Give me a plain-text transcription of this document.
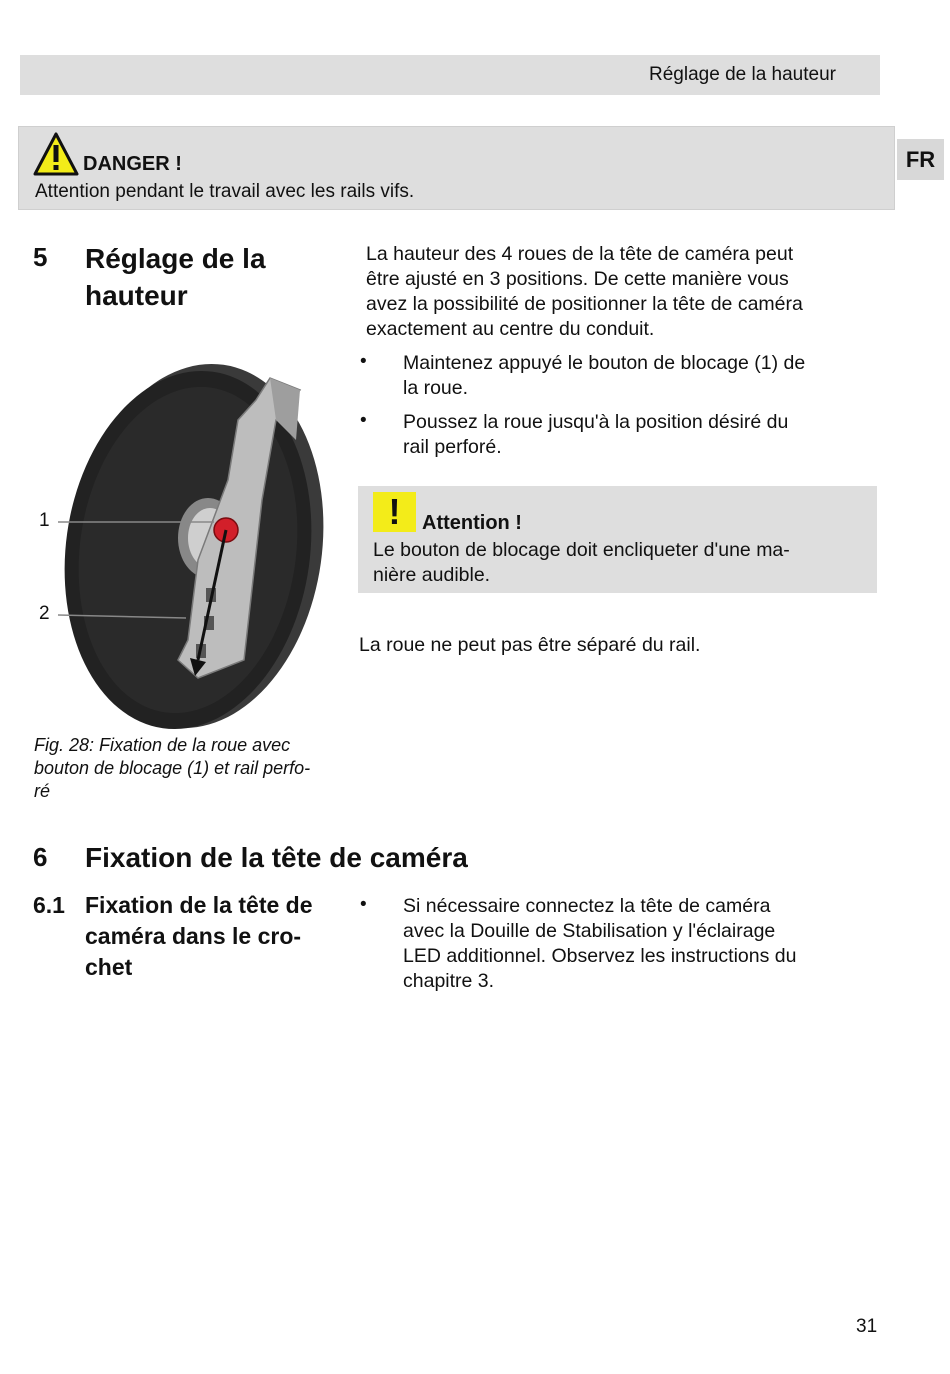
Réglage de la hauteur
FR
DANGER !
Attention pendant le travail avec les rails vifs.
5 Réglage de la
hauteur
La hauteur des 4 roues de la tête de caméra peut
être ajusté en 3 positions. De cette manière vous
avez la possibilité de positionner la tête de caméra
exactement au centre du conduit.
• Maintenez appuyé le bouton de blocage (1) de
la roue.
• Poussez la roue jusqu'à la position désiré du
rail perforé.
!	Attention !
Le bouton de blocage doit encliqueter d'une ma-
nière audible.
La roue ne peut pas être séparé du rail.
1
2
Fig. 28: Fixation de la roue avec
bouton de blocage (1) et rail perfo-
ré
6 Fixation de la tête de caméra
6.1 Fixation de la tête de
caméra dans le cro-
chet
• Si nécessaire connectez la tête de caméra
avec la Douille de Stabilisation y l'éclairage
LED additionnel. Observez les instructions du
chapitre 3.
31
